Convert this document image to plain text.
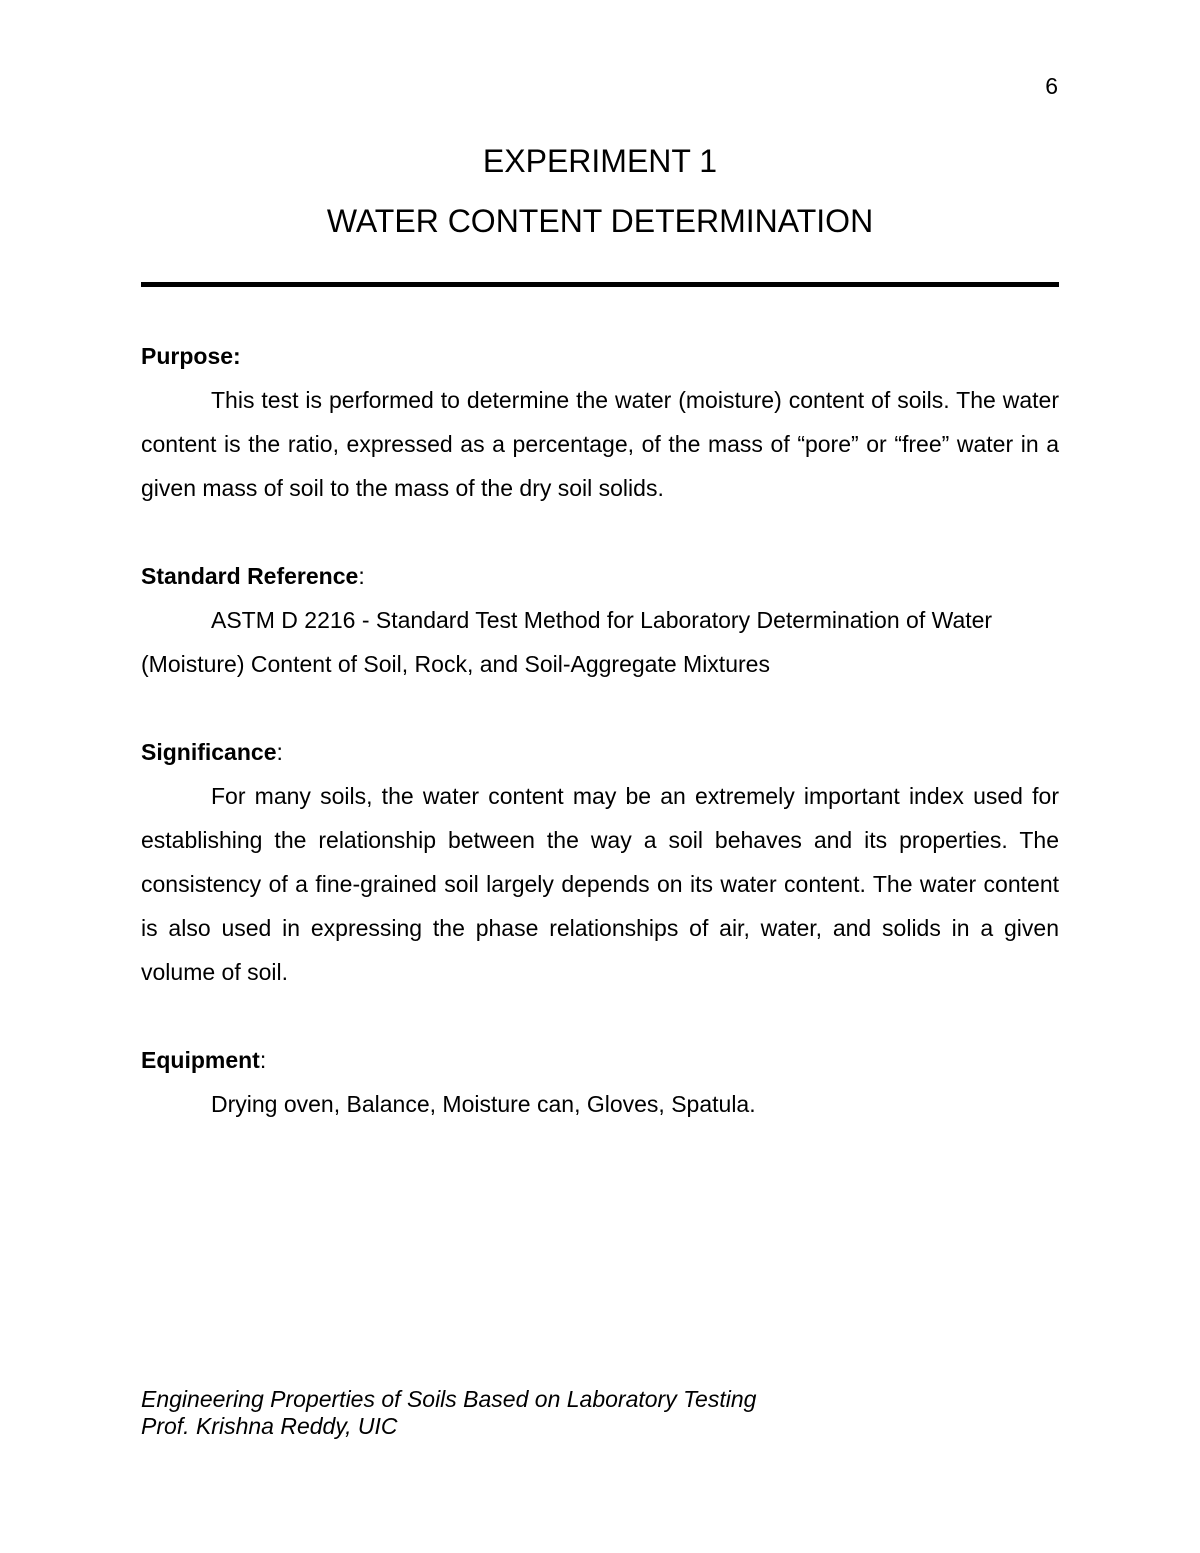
6
EXPERIMENT 1
WATER CONTENT DETERMINATION

Purpose:

This test is performed to determine the water (moisture) content of soils. The water content is the ratio, expressed as a percentage, of the mass of “pore” or “free” water in a given mass of soil to the mass of the dry soil solids.

Standard Reference:

ASTM D 2216 - Standard Test Method for Laboratory Determination of Water (Moisture) Content of Soil, Rock, and Soil-Aggregate Mixtures

Significance:

For many soils, the water content may be an extremely important index used for establishing the relationship between the way a soil behaves and its properties. The consistency of a fine-grained soil largely depends on its water content. The water content is also used in expressing the phase relationships of air, water, and solids in a given volume of soil.

Equipment:

Drying oven, Balance, Moisture can, Gloves, Spatula.

Engineering Properties of Soils Based on Laboratory Testing
Prof. Krishna Reddy, UIC
